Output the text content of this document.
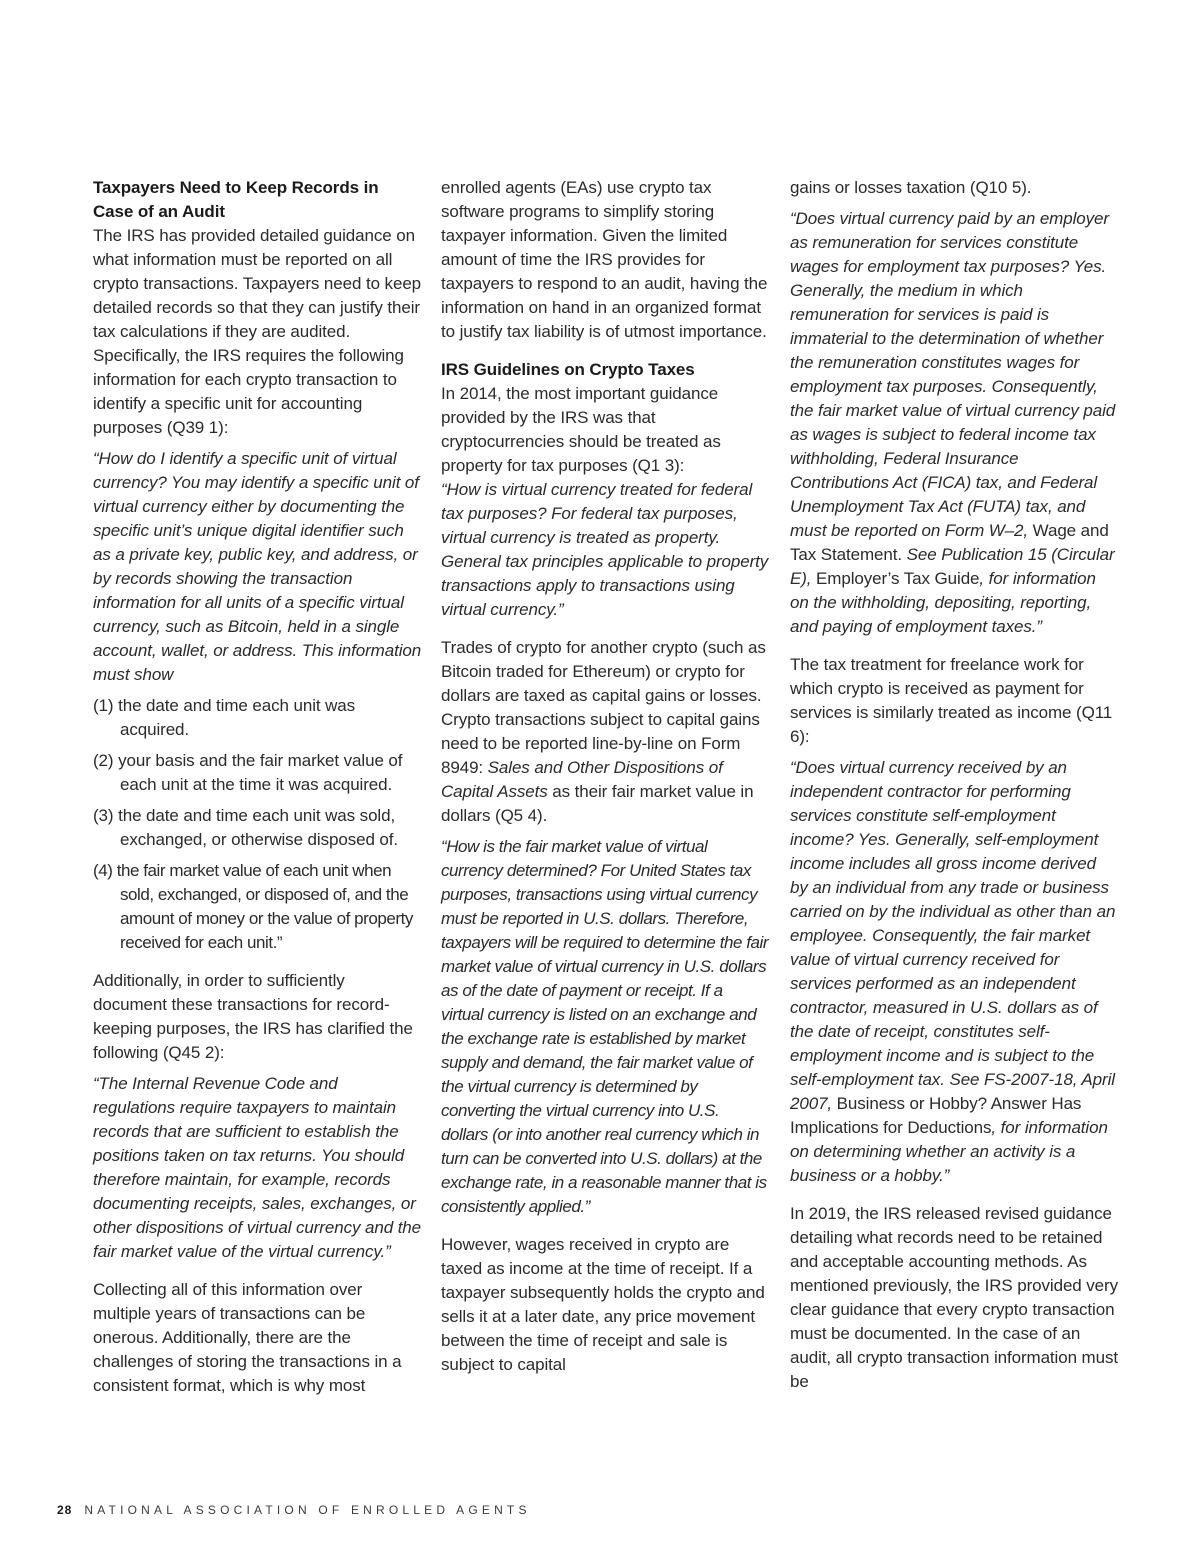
Taxpayers Need to Keep Records in Case of an Audit

The IRS has provided detailed guidance on what information must be reported on all crypto transactions. Taxpayers need to keep detailed records so that they can justify their tax calculations if they are audited. Specifically, the IRS requires the following information for each crypto transaction to identify a specific unit for accounting purposes (Q39 1):

“How do I identify a specific unit of virtual currency? You may identify a specific unit of virtual currency either by documenting the specific unit’s unique digital identifier such as a private key, public key, and address, or by records showing the transaction information for all units of a specific virtual currency, such as Bitcoin, held in a single account, wallet, or address. This information must show

(1) the date and time each unit was acquired.
(2) your basis and the fair market value of each unit at the time it was acquired.
(3) the date and time each unit was sold, exchanged, or otherwise disposed of.
(4) the fair market value of each unit when sold, exchanged, or disposed of, and the amount of money or the value of property received for each unit.”

Additionally, in order to sufficiently document these transactions for record-keeping purposes, the IRS has clarified the following (Q45 2):

“The Internal Revenue Code and regulations require taxpayers to maintain records that are sufficient to establish the positions taken on tax returns. You should therefore maintain, for example, records documenting receipts, sales, exchanges, or other dispositions of virtual currency and the fair market value of the virtual currency.”

Collecting all of this information over multiple years of transactions can be onerous. Additionally, there are the challenges of storing the transactions in a consistent format, which is why most

enrolled agents (EAs) use crypto tax software programs to simplify storing taxpayer information. Given the limited amount of time the IRS provides for taxpayers to respond to an audit, having the information on hand in an organized format to justify tax liability is of utmost importance.

IRS Guidelines on Crypto Taxes

In 2014, the most important guidance provided by the IRS was that cryptocurrencies should be treated as property for tax purposes (Q1 3):

“How is virtual currency treated for federal tax purposes? For federal tax purposes, virtual currency is treated as property. General tax principles applicable to property transactions apply to transactions using virtual currency.”

Trades of crypto for another crypto (such as Bitcoin traded for Ethereum) or crypto for dollars are taxed as capital gains or losses. Crypto transactions subject to capital gains need to be reported line-by-line on Form 8949: Sales and Other Dispositions of Capital Assets as their fair market value in dollars (Q5 4).

“How is the fair market value of virtual currency determined? For United States tax purposes, transactions using virtual currency must be reported in U.S. dollars. Therefore, taxpayers will be required to determine the fair market value of virtual currency in U.S. dollars as of the date of payment or receipt. If a virtual currency is listed on an exchange and the exchange rate is established by market supply and demand, the fair market value of the virtual currency is determined by converting the virtual currency into U.S. dollars (or into another real currency which in turn can be converted into U.S. dollars) at the exchange rate, in a reasonable manner that is consistently applied.”

However, wages received in crypto are taxed as income at the time of receipt. If a taxpayer subsequently holds the crypto and sells it at a later date, any price movement between the time of receipt and sale is subject to capital

gains or losses taxation (Q10 5).

“Does virtual currency paid by an employer as remuneration for services constitute wages for employment tax purposes? Yes. Generally, the medium in which remuneration for services is paid is immaterial to the determination of whether the remuneration constitutes wages for employment tax purposes. Consequently, the fair market value of virtual currency paid as wages is subject to federal income tax withholding, Federal Insurance Contributions Act (FICA) tax, and Federal Unemployment Tax Act (FUTA) tax, and must be reported on Form W–2, Wage and Tax Statement. See Publication 15 (Circular E), Employer’s Tax Guide, for information on the withholding, depositing, reporting, and paying of employment taxes.”

The tax treatment for freelance work for which crypto is received as payment for services is similarly treated as income (Q11 6):

“Does virtual currency received by an independent contractor for performing services constitute self-employment income? Yes. Generally, self-employment income includes all gross income derived by an individual from any trade or business carried on by the individual as other than an employee. Consequently, the fair market value of virtual currency received for services performed as an independent contractor, measured in U.S. dollars as of the date of receipt, constitutes self-employment income and is subject to the self-employment tax. See FS-2007-18, April 2007, Business or Hobby? Answer Has Implications for Deductions, for information on determining whether an activity is a business or a hobby.”

In 2019, the IRS released revised guidance detailing what records need to be retained and acceptable accounting methods. As mentioned previously, the IRS provided very clear guidance that every crypto transaction must be documented. In the case of an audit, all crypto transaction information must be

28 NATIONAL ASSOCIATION OF ENROLLED AGENTS
